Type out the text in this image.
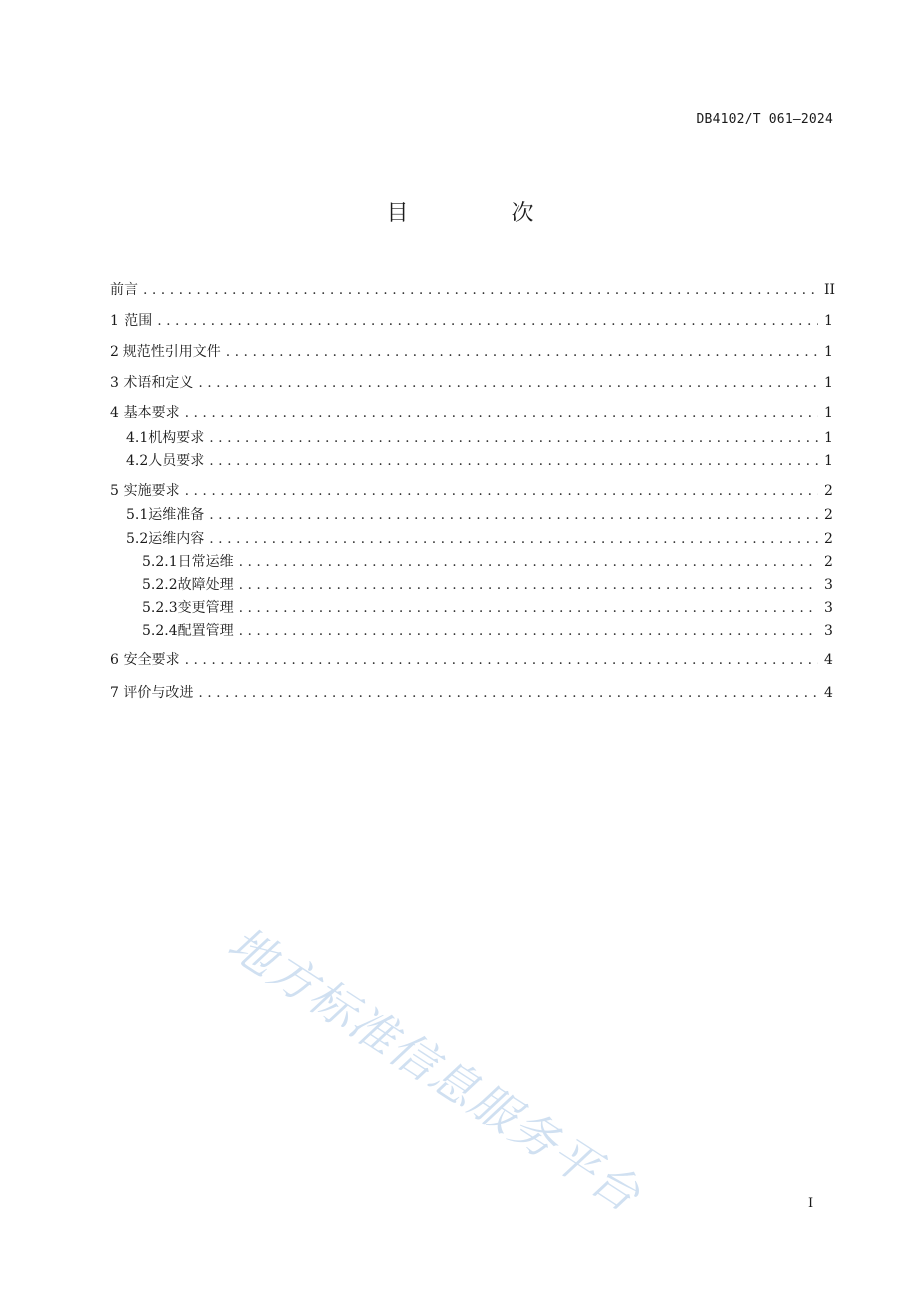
DB4102/T 061—2024
目 次
前言 . . .	II
1 范围 . . .	1
2 规范性引用文件 . . .	1
3 术语和定义 . . .	1
4 基本要求 . . .	1
4.1 机构要求 . . .	1
4.2 人员要求 . . .	1
5 实施要求 . . .	2
5.1 运维准备 . . .	2
5.2 运维内容 . . .	2
5.2.1 日常运维 . . .	2
5.2.2 故障处理 . . .	3
5.2.3 变更管理 . . .	3
5.2.4 配置管理 . . .	3
6 安全要求 . . .	4
7 评价与改进 . . .	4
I
地方标准信息服务平台
